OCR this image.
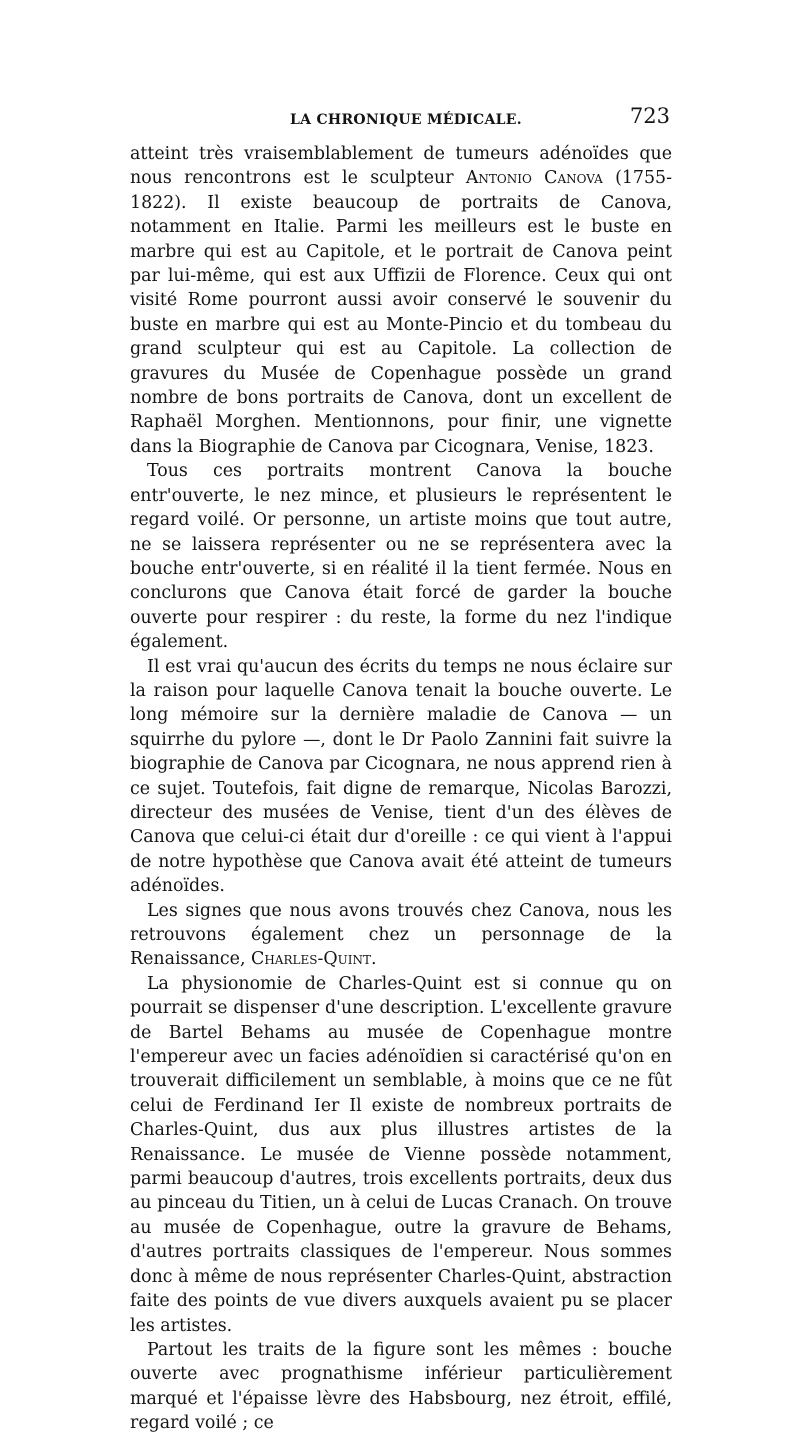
LA CHRONIQUE MÉDICALE.	723

atteint très vraisemblablement de tumeurs adénoïdes que nous rencontrons est le sculpteur Antonio Canova (1755-1822). Il existe beaucoup de portraits de Canova, notamment en Italie. Parmi les meilleurs est le buste en marbre qui est au Capitole, et le portrait de Canova peint par lui-même, qui est aux Uffizii de Florence. Ceux qui ont visité Rome pourront aussi avoir conservé le souvenir du buste en marbre qui est au Monte-Pincio et du tombeau du grand sculpteur qui est au Capitole. La collection de gravures du Musée de Copenhague possède un grand nombre de bons portraits de Canova, dont un excellent de Raphaël Morghen. Mentionnons, pour finir, une vignette dans la Biographie de Canova par Cicognara, Venise, 1823.

Tous ces portraits montrent Canova la bouche entr'ouverte, le nez mince, et plusieurs le représentent le regard voilé. Or personne, un artiste moins que tout autre, ne se laissera représenter ou ne se représentera avec la bouche entr'ouverte, si en réalité il la tient fermée. Nous en conclurons que Canova était forcé de garder la bouche ouverte pour respirer : du reste, la forme du nez l'indique également.

Il est vrai qu'aucun des écrits du temps ne nous éclaire sur la raison pour laquelle Canova tenait la bouche ouverte. Le long mémoire sur la dernière maladie de Canova — un squirrhe du pylore —, dont le Dr Paolo Zannini fait suivre la biographie de Canova par Cicognara, ne nous apprend rien à ce sujet. Toutefois, fait digne de remarque, Nicolas Barozzi, directeur des musées de Venise, tient d'un des élèves de Canova que celui-ci était dur d'oreille : ce qui vient à l'appui de notre hypothèse que Canova avait été atteint de tumeurs adénoïdes.

Les signes que nous avons trouvés chez Canova, nous les retrouvons également chez un personnage de la Renaissance, Charles-Quint.

La physionomie de Charles-Quint est si connue qu on pourrait se dispenser d'une description. L'excellente gravure de Bartel Behams au musée de Copenhague montre l'empereur avec un facies adénoïdien si caractérisé qu'on en trouverait difficilement un semblable, à moins que ce ne fût celui de Ferdinand Ier Il existe de nombreux portraits de Charles-Quint, dus aux plus illustres artistes de la Renaissance. Le musée de Vienne possède notamment, parmi beaucoup d'autres, trois excellents portraits, deux dus au pinceau du Titien, un à celui de Lucas Cranach. On trouve au musée de Copenhague, outre la gravure de Behams, d'autres portraits classiques de l'empereur. Nous sommes donc à même de nous représenter Charles-Quint, abstraction faite des points de vue divers auxquels avaient pu se placer les artistes.

Partout les traits de la figure sont les mêmes : bouche ouverte avec prognathisme inférieur particulièrement marqué et l'épaisse lèvre des Habsbourg, nez étroit, effilé, regard voilé ; ce
